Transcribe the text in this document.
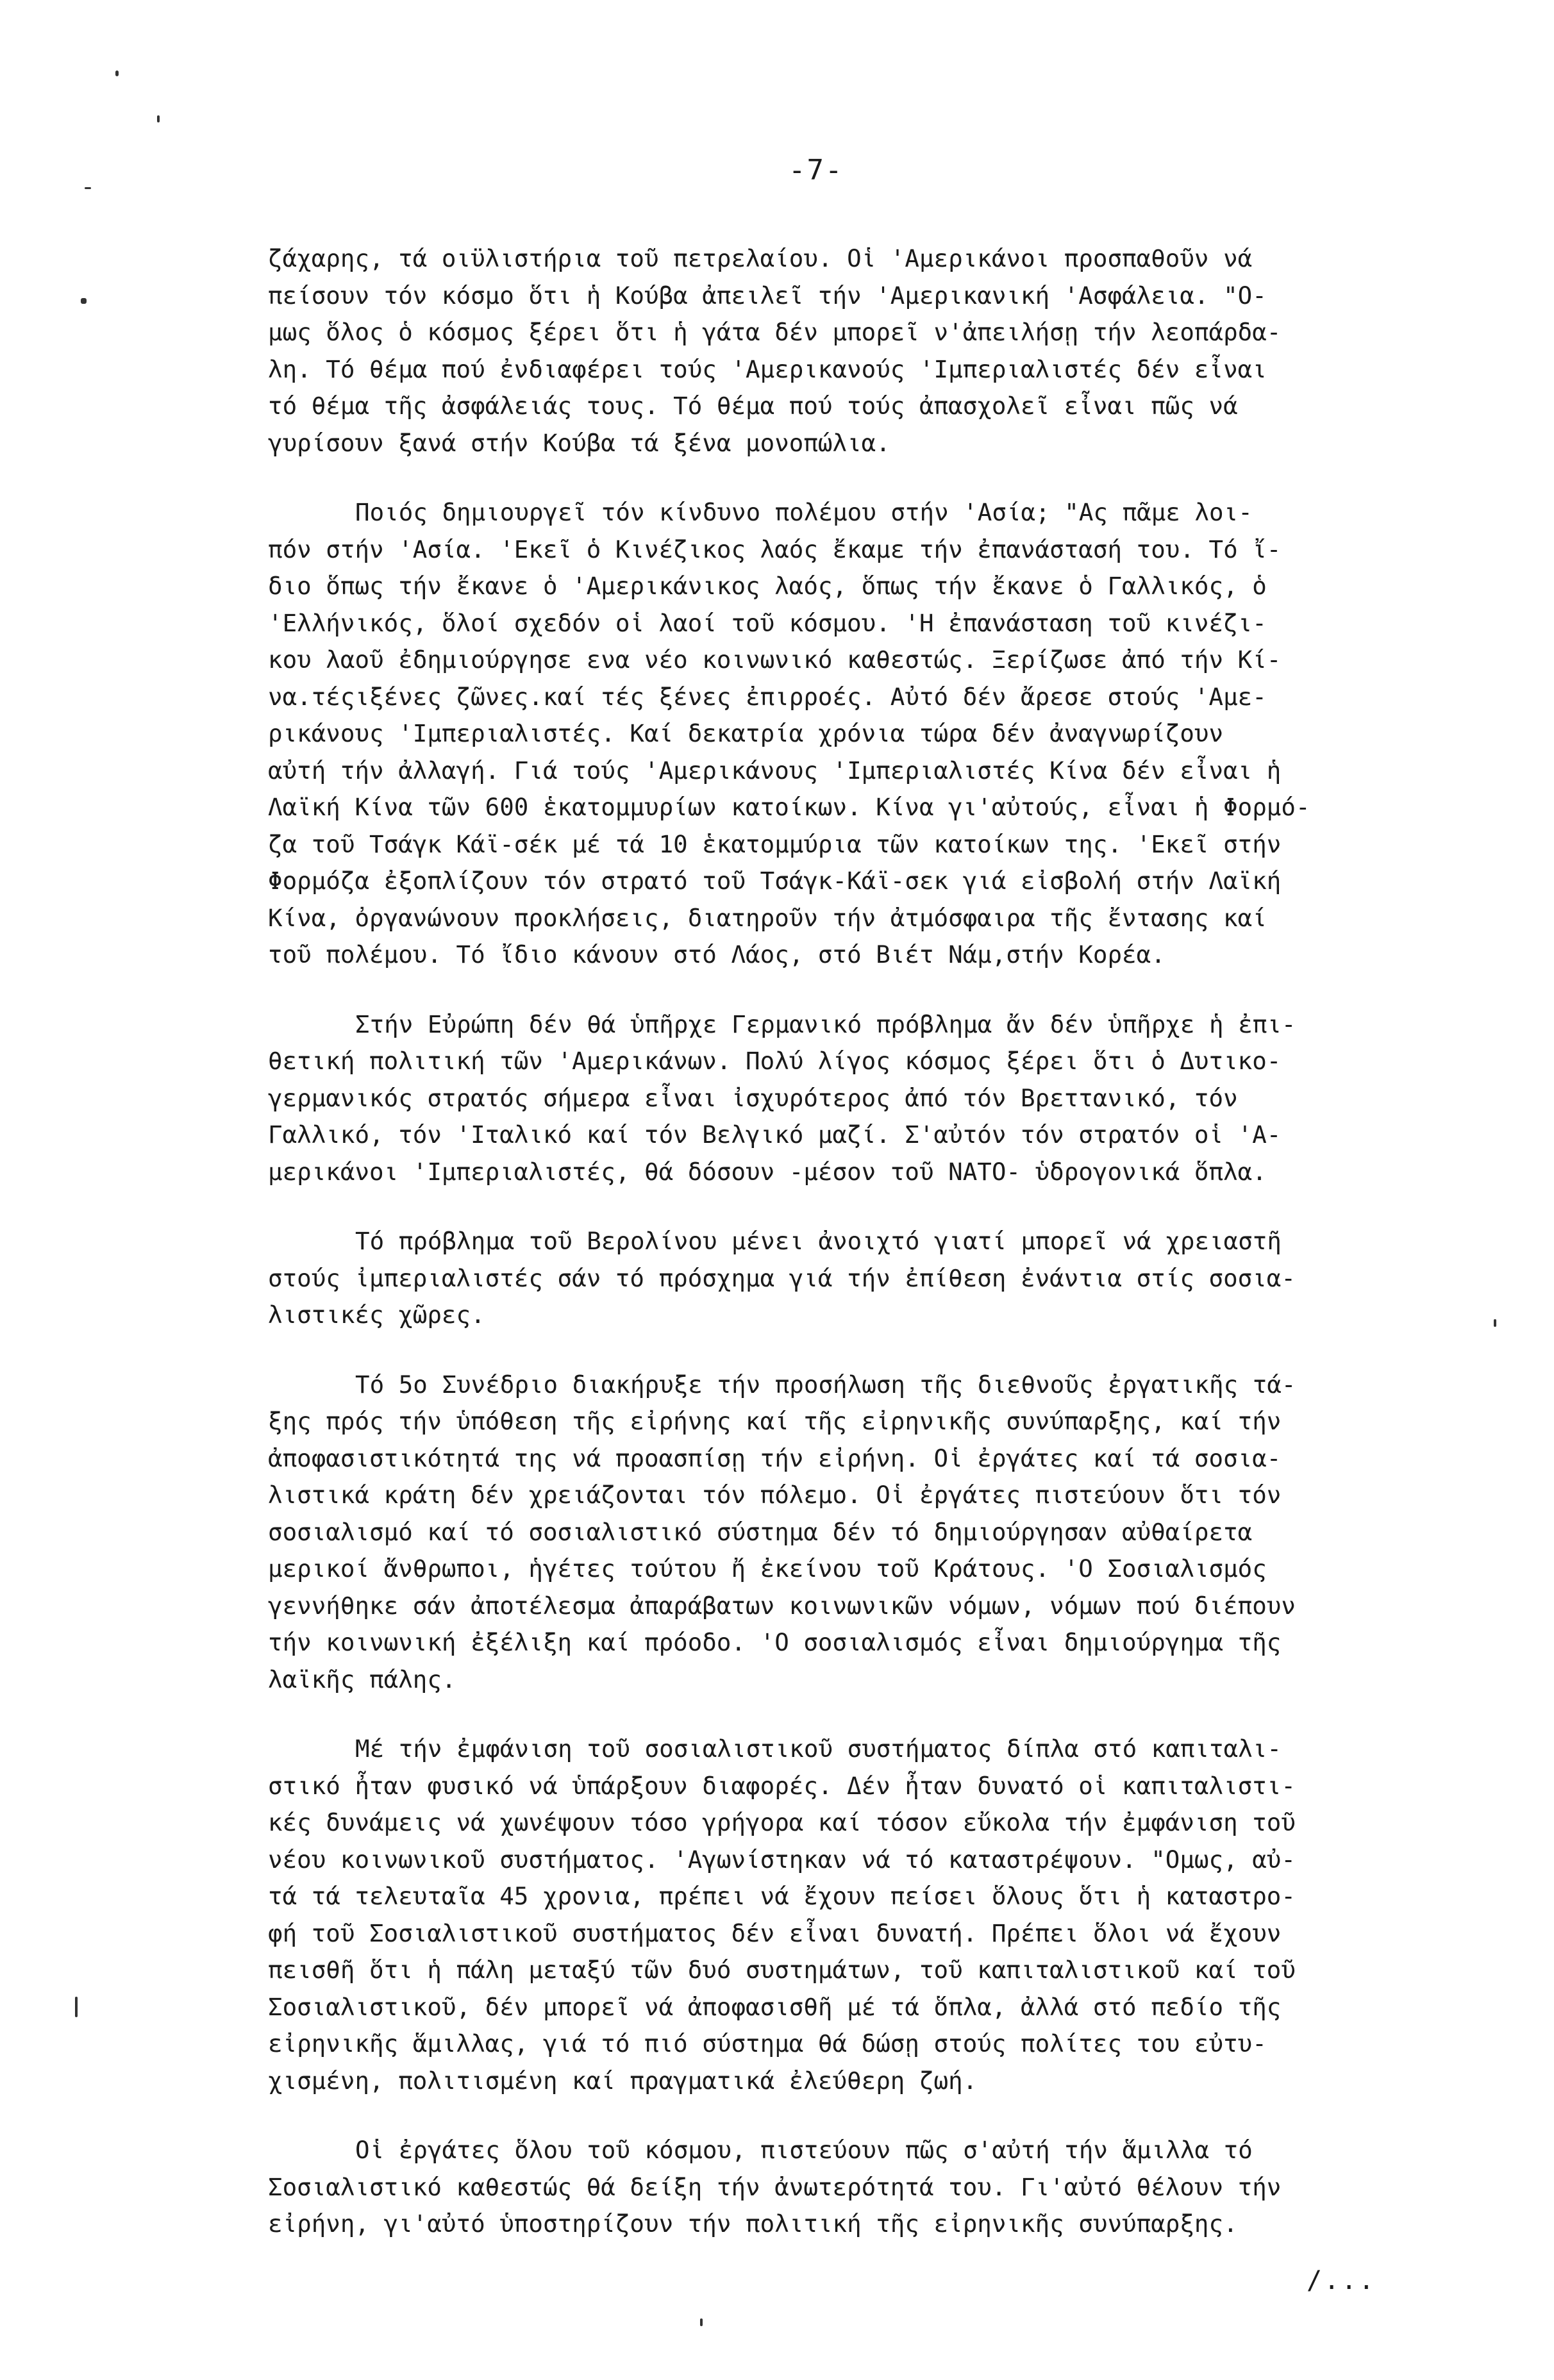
-7-
ζάχαρης, τά οιϋλιστήρια τοῦ πετρελαίου. Οἱ 'Αμερικάνοι προσπαθοῦν νά
πείσουν τόν κόσμο ὅτι ἡ Κούβα ἀπειλεῖ τήν 'Αμερικανική 'Ασφάλεια. "Ο-
μως ὅλος ὁ κόσμος ξέρει ὅτι ἡ γάτα δέν μπορεῖ ν'ἀπειλήσῃ τήν λεοπάρδα-
λη. Τό θέμα πού ἐνδιαφέρει τούς 'Αμερικανούς 'Ιμπεριαλιστές δέν εἶναι
τό θέμα τῆς ἀσφάλειάς τους. Τό θέμα πού τούς ἀπασχολεῖ εἶναι πῶς νά
γυρίσουν ξανά στήν Κούβα τά ξένα μονοπώλια.
Ποιός δημιουργεῖ τόν κίνδυνο πολέμου στήν 'Ασία; "Ας πᾶμε λοι-
πόν στήν 'Ασία. 'Εκεῖ ὁ Κινέζικος λαός ἔκαμε τήν ἐπανάστασή του. Τό ἴ-
διο ὅπως τήν ἔκανε ὁ 'Αμερικάνικος λαός, ὅπως τήν ἔκανε ὁ Γαλλικός, ὁ
'Ελλήνικός, ὅλοί σχεδόν οἱ λαοί τοῦ κόσμου. 'Η ἐπανάσταση τοῦ κινέζι-
κου λαοῦ ἐδημιούργησε ενα νέο κοινωνικό καθεστώς. Ξερίζωσε ἀπό τήν Κί-
να.τέςιξένες ζῶνες.καί τές ξένες ἐπιρροές. Αὐτό δέν ἄρεσε στούς 'Αμε-
ρικάνους 'Ιμπεριαλιστές. Καί δεκατρία χρόνια τώρα δέν ἀναγνωρίζουν
αὐτή τήν ἀλλαγή. Γιά τούς 'Αμερικάνους 'Ιμπεριαλιστές Κίνα δέν εἶναι ἡ
Λαϊκή Κίνα τῶν 600 ἑκατομμυρίων κατοίκων. Κίνα γι'αὐτούς, εἶναι ἡ Φορμό-
ζα τοῦ Τσάγκ Κάϊ-σέκ μέ τά 10 ἑκατομμύρια τῶν κατοίκων της. 'Εκεῖ στήν
Φορμόζα ἐξοπλίζουν τόν στρατό τοῦ Τσάγκ-Κάϊ-σεκ γιά εἰσβολή στήν Λαϊκή
Κίνα, ὀργανώνουν προκλήσεις, διατηροῦν τήν ἀτμόσφαιρα τῆς ἔντασης καί
τοῦ πολέμου. Τό ἴδιο κάνουν στό Λάος, στό Βιέτ Νάμ,στήν Κορέα.
Στήν Εὐρώπη δέν θά ὑπῆρχε Γερμανικό πρόβλημα ἄν δέν ὑπῆρχε ἡ ἐπι-
θετική πολιτική τῶν 'Αμερικάνων. Πολύ λίγος κόσμος ξέρει ὅτι ὁ Δυτικο-
γερμανικός στρατός σήμερα εἶναι ἰσχυρότερος ἀπό τόν Βρεττανικό, τόν
Γαλλικό, τόν 'Ιταλικό καί τόν Βελγικό μαζί. Σ'αὐτόν τόν στρατόν οἱ 'Α-
μερικάνοι 'Ιμπεριαλιστές, θά δόσουν -μέσον τοῦ ΝΑΤΟ- ὑδρογονικά ὅπλα.
Τό πρόβλημα τοῦ Βερολίνου μένει ἀνοιχτό γιατί μπορεῖ νά χρειαστῆ
στούς ἰμπεριαλιστές σάν τό πρόσχημα γιά τήν ἐπίθεση ἐνάντια στίς σοσια-
λιστικές χῶρες.
Τό 5ο Συνέδριο διακήρυξε τήν προσήλωση τῆς διεθνοῦς ἐργατικῆς τά-
ξης πρός τήν ὑπόθεση τῆς εἰρήνης καί τῆς εἰρηνικῆς συνύπαρξης, καί τήν
ἀποφασιστικότητά της νά προασπίσῃ τήν εἰρήνη. Οἱ ἐργάτες καί τά σοσια-
λιστικά κράτη δέν χρειάζονται τόν πόλεμο. Οἱ ἐργάτες πιστεύουν ὅτι τόν
σοσιαλισμό καί τό σοσιαλιστικό σύστημα δέν τό δημιούργησαν αὐθαίρετα
μερικοί ἄνθρωποι, ἡγέτες τούτου ἤ ἐκείνου τοῦ Κράτους. 'Ο Σοσιαλισμός
γεννήθηκε σάν ἀποτέλεσμα ἀπαράβατων κοινωνικῶν νόμων, νόμων πού διέπουν
τήν κοινωνική ἐξέλιξη καί πρόοδο. 'Ο σοσιαλισμός εἶναι δημιούργημα τῆς
λαϊκῆς πάλης.
Μέ τήν ἐμφάνιση τοῦ σοσιαλιστικοῦ συστήματος δίπλα στό καπιταλι-
στικό ἦταν φυσικό νά ὑπάρξουν διαφορές. Δέν ἦταν δυνατό οἱ καπιταλιστι-
κές δυνάμεις νά χωνέψουν τόσο γρήγορα καί τόσον εὔκολα τήν ἐμφάνιση τοῦ
νέου κοινωνικοῦ συστήματος. 'Αγωνίστηκαν νά τό καταστρέψουν. "Ομως, αὐ-
τά τά τελευταῖα 45 χρονια, πρέπει νά ἔχουν πείσει ὅλους ὅτι ἡ καταστρο-
φή τοῦ Σοσιαλιστικοῦ συστήματος δέν εἶναι δυνατή. Πρέπει ὅλοι νά ἔχουν
πεισθῆ ὅτι ἡ πάλη μεταξύ τῶν δυό συστημάτων, τοῦ καπιταλιστικοῦ καί τοῦ
Σοσιαλιστικοῦ, δέν μπορεῖ νά ἀποφασισθῆ μέ τά ὅπλα, ἀλλά στό πεδίο τῆς
εἰρηνικῆς ἅμιλλας, γιά τό πιό σύστημα θά δώσῃ στούς πολίτες του εὐτυ-
χισμένη, πολιτισμένη καί πραγματικά ἐλεύθερη ζωή.
Οἱ ἐργάτες ὅλου τοῦ κόσμου, πιστεύουν πῶς σ'αὐτή τήν ἅμιλλα τό
Σοσιαλιστικό καθεστώς θά δείξη τήν ἀνωτερότητά του. Γι'αὐτό θέλουν τήν
εἰρήνη, γι'αὐτό ὑποστηρίζουν τήν πολιτική τῆς εἰρηνικῆς συνύπαρξης.
/...
